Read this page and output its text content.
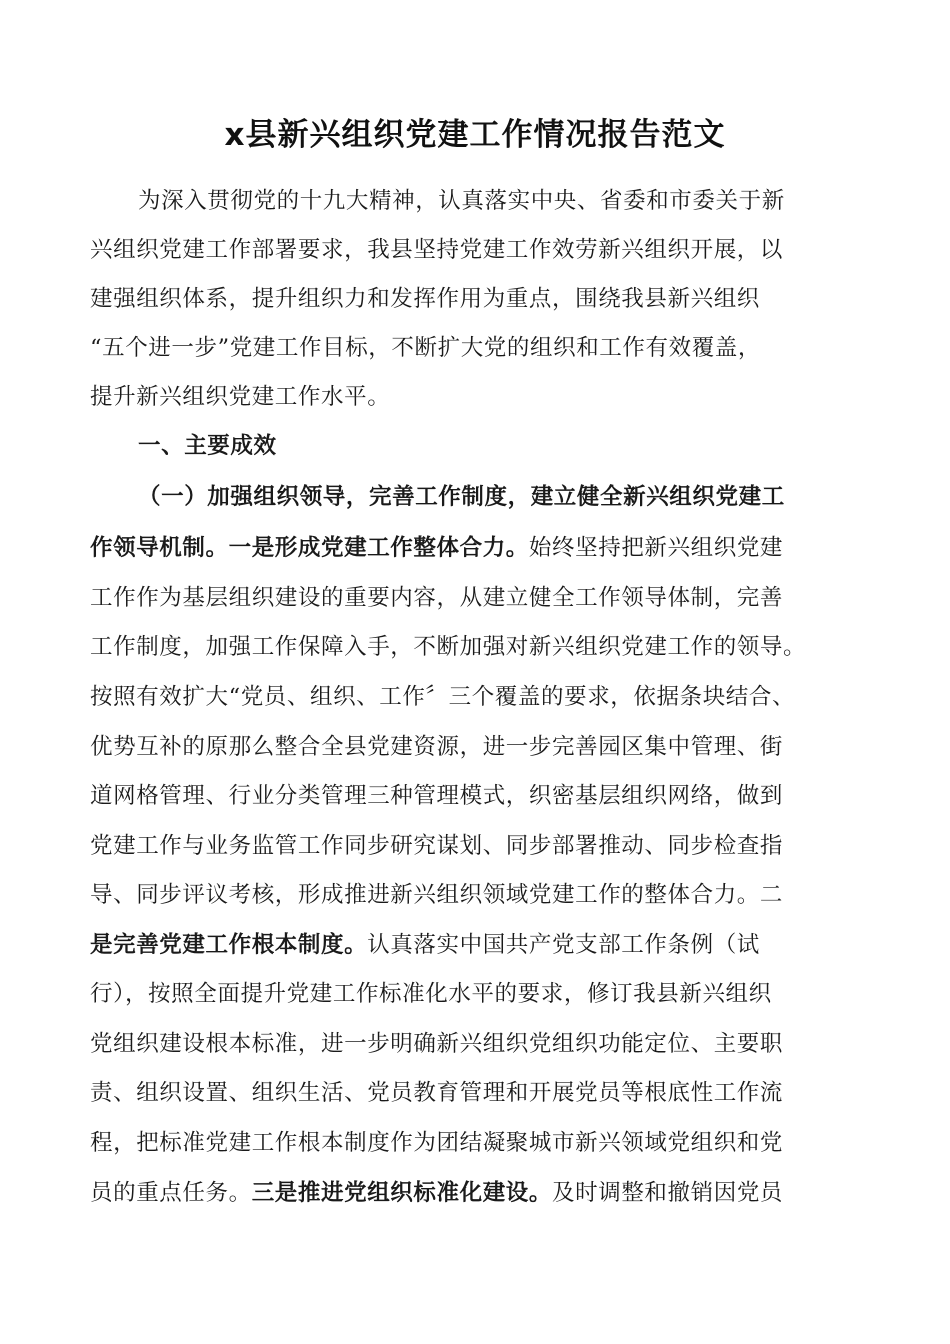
x县新兴组织党建工作情况报告范文
为深入贯彻党的十九大精神，认真落实中央、省委和市委关于新
兴组织党建工作部署要求，我县坚持党建工作效劳新兴组织开展，以
建强组织体系，提升组织力和发挥作用为重点，围绕我县新兴组织
“五个进一步”党建工作目标，不断扩大党的组织和工作有效覆盖，
提升新兴组织党建工作水平。
一、主要成效
（一）加强组织领导，完善工作制度，建立健全新兴组织党建工
作领导机制。一是形成党建工作整体合力。始终坚持把新兴组织党建
工作作为基层组织建设的重要内容，从建立健全工作领导体制，完善
工作制度，加强工作保障入手，不断加强对新兴组织党建工作的领导。
按照有效扩大“党员、组织、工作〞三个覆盖的要求，依据条块结合、
优势互补的原那么整合全县党建资源，进一步完善园区集中管理、街
道网格管理、行业分类管理三种管理模式，织密基层组织网络，做到
党建工作与业务监管工作同步研究谋划、同步部署推动、同步检查指
导、同步评议考核，形成推进新兴组织领域党建工作的整体合力。二
是完善党建工作根本制度。认真落实中国共产党支部工作条例（试
行），按照全面提升党建工作标准化水平的要求，修订我县新兴组织
党组织建设根本标准，进一步明确新兴组织党组织功能定位、主要职
责、组织设置、组织生活、党员教育管理和开展党员等根底性工作流
程，把标准党建工作根本制度作为团结凝聚城市新兴领域党组织和党
员的重点任务。三是推进党组织标准化建设。及时调整和撤销因党员
